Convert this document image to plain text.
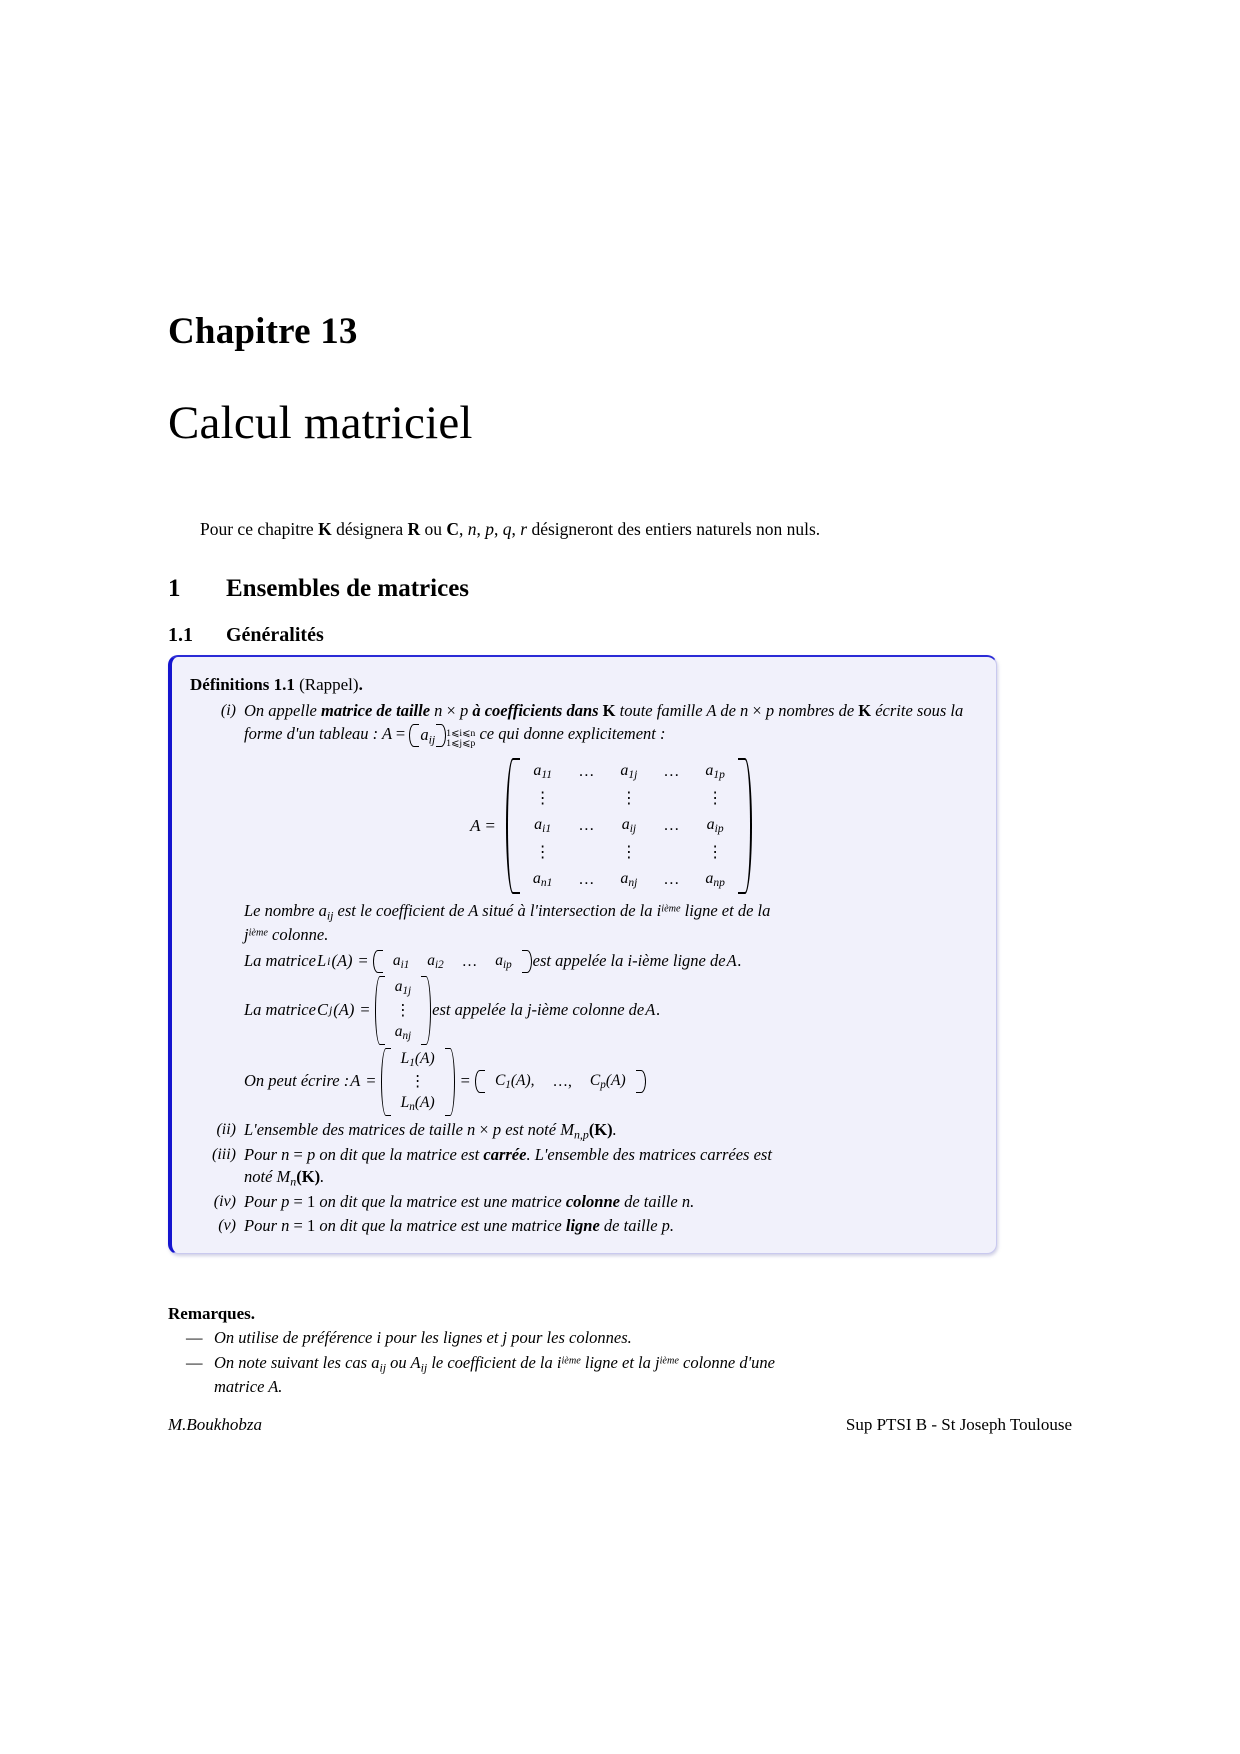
Chapitre 13
Calcul matriciel
Pour ce chapitre K désignera R ou C, n, p, q, r désigneront des entiers naturels non nuls.
1 Ensembles de matrices
1.1 Généralités
Définitions 1.1 (Rappel).
(i) On appelle matrice de taille n × p à coefficients dans K toute famille A de n × p nombres de K écrite sous la forme d'un tableau : $A = a_{ij}$ 1⩽i⩽n
1⩽j⩽p
ce qui donne explicitement :
A =
$a_{11}$	…	$a_{1j}$	…	$a_{1p}$
⋮		⋮		⋮
$a_{i1}$	…	$a_{ij}$	…	$a_{ip}$
⋮		⋮		⋮
$a_{n1}$	…	$a_{nj}$	…	$a_{np}$
Le nombre $a_{ij}$ est le coefficient de A situé à l'intersection de la $i^{ième}$ ligne et de la
$j^{ième}$ colonne.
La matrice L i $(A) = a_{i1}$	$a_{i2}$	…	$a_{ip}$ est appelée la i-ième ligne de A .
La matrice C j (A) =
$a_{1j}$
⋮
$a_{nj}$
est appelée la j-ième colonne de A .
On peut écrire : A =
$L_1(A)$
⋮
$L_n(A)$
= $C_1(A)$,	…,	$C_p(A)$
(ii) L'ensemble des matrices de taille n × p est noté $M_{n,p}(K)$.
(iii) Pour n = p on dit que la matrice est carrée. L'ensemble des matrices carrées est
noté $M_n(K)$.
(iv) Pour p = 1 on dit que la matrice est une matrice colonne de taille n.
(v) Pour n = 1 on dit que la matrice est une matrice ligne de taille p.
Remarques.
— On utilise de préférence i pour les lignes et j pour les colonnes.
— On note suivant les cas $a_{ij}$ ou $A_{ij}$ le coefficient de la $i^{ième}$ ligne et la $j^{ième}$ colonne d'une
matrice A.
M.Boukhobza	Sup PTSI B - St Joseph Toulouse
